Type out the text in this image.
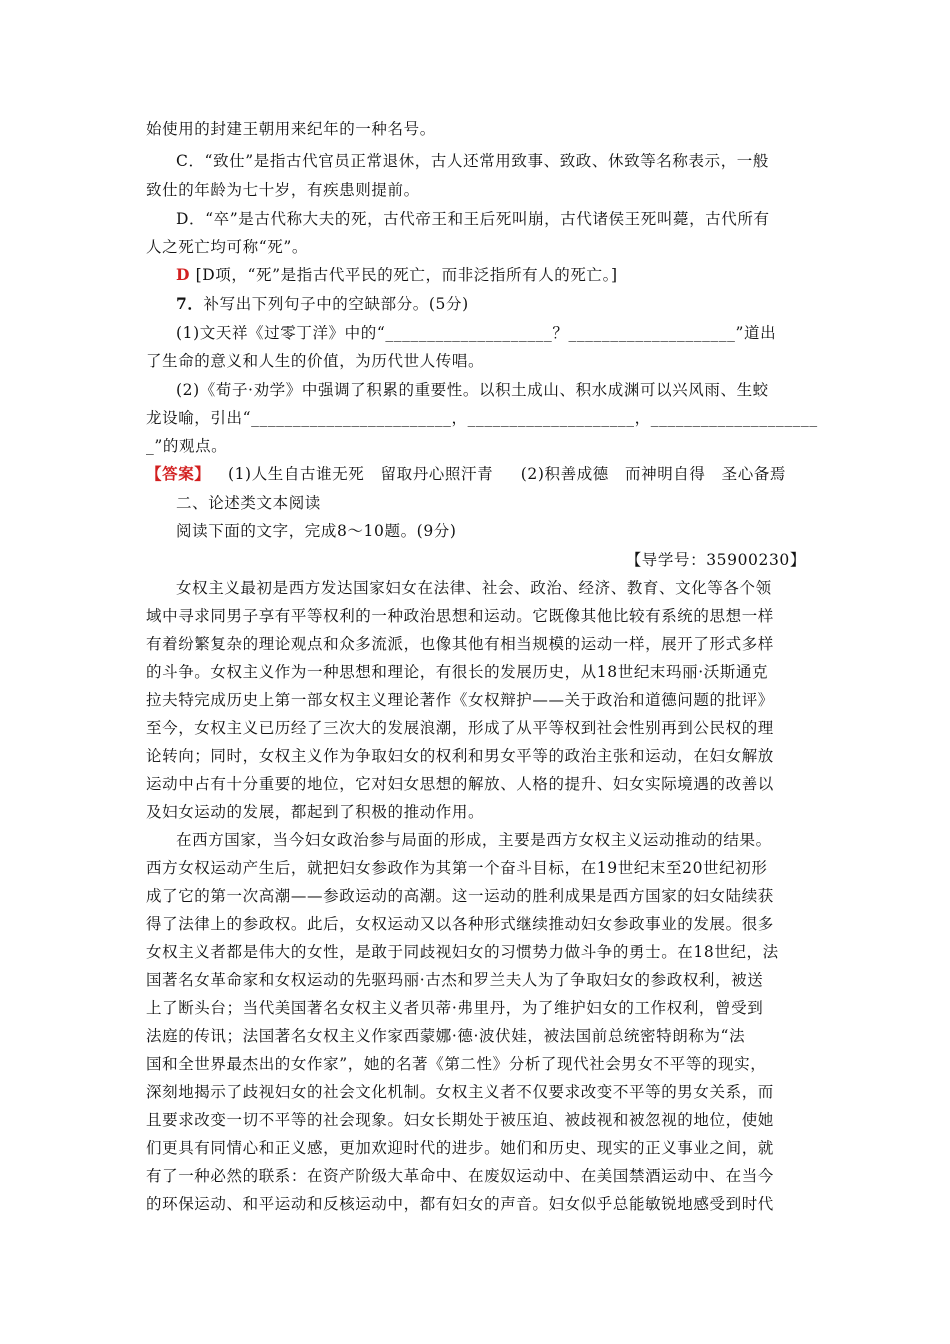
始使用的封建王朝用来纪年的一种名号。
C．“致仕”是指古代官员正常退休，古人还常用致事、致政、休致等名称表示，一般
致仕的年龄为七十岁，有疾患则提前。
D．“卒”是古代称大夫的死，古代帝王和王后死叫崩，古代诸侯王死叫薨，古代所有
人之死亡均可称“死”。
D [D项，“死”是指古代平民的死亡，而非泛指所有人的死亡。]
7．补写出下列句子中的空缺部分。(5分)
(1)文天祥《过零丁洋》中的“____________________？____________________”道出
了生命的意义和人生的价值，为历代世人传唱。
(2)《荀子·劝学》中强调了积累的重要性。以积土成山、积水成渊可以兴风雨、生蛟
龙设喻，引出“________________________，____________________，____________________
_”的观点。
【答案】 (1)人生自古谁无死　留取丹心照汗青 (2)积善成德　而神明自得　圣心备焉
二、论述类文本阅读
阅读下面的文字，完成8～10题。(9分)
【导学号：35900230】
女权主义最初是西方发达国家妇女在法律、社会、政治、经济、教育、文化等各个领
域中寻求同男子享有平等权利的一种政治思想和运动。它既像其他比较有系统的思想一样
有着纷繁复杂的理论观点和众多流派，也像其他有相当规模的运动一样，展开了形式多样
的斗争。女权主义作为一种思想和理论，有很长的发展历史，从18世纪末玛丽·沃斯通克
拉夫特完成历史上第一部女权主义理论著作《女权辩护——关于政治和道德问题的批评》
至今，女权主义已历经了三次大的发展浪潮，形成了从平等权到社会性别再到公民权的理
论转向；同时，女权主义作为争取妇女的权利和男女平等的政治主张和运动，在妇女解放
运动中占有十分重要的地位，它对妇女思想的解放、人格的提升、妇女实际境遇的改善以
及妇女运动的发展，都起到了积极的推动作用。
在西方国家，当今妇女政治参与局面的形成，主要是西方女权主义运动推动的结果。
西方女权运动产生后，就把妇女参政作为其第一个奋斗目标，在19世纪末至20世纪初形
成了它的第一次高潮——参政运动的高潮。这一运动的胜利成果是西方国家的妇女陆续获
得了法律上的参政权。此后，女权运动又以各种形式继续推动妇女参政事业的发展。很多
女权主义者都是伟大的女性，是敢于同歧视妇女的习惯势力做斗争的勇士。在18世纪，法
国著名女革命家和女权运动的先驱玛丽·古杰和罗兰夫人为了争取妇女的参政权利，被送
上了断头台；当代美国著名女权主义者贝蒂·弗里丹，为了维护妇女的工作权利，曾受到
法庭的传讯；法国著名女权主义作家西蒙娜·德·波伏娃，被法国前总统密特朗称为“法
国和全世界最杰出的女作家”，她的名著《第二性》分析了现代社会男女不平等的现实，
深刻地揭示了歧视妇女的社会文化机制。女权主义者不仅要求改变不平等的男女关系，而
且要求改变一切不平等的社会现象。妇女长期处于被压迫、被歧视和被忽视的地位，使她
们更具有同情心和正义感，更加欢迎时代的进步。她们和历史、现实的正义事业之间，就
有了一种必然的联系：在资产阶级大革命中、在废奴运动中、在美国禁酒运动中、在当今
的环保运动、和平运动和反核运动中，都有妇女的声音。妇女似乎总能敏锐地感受到时代
